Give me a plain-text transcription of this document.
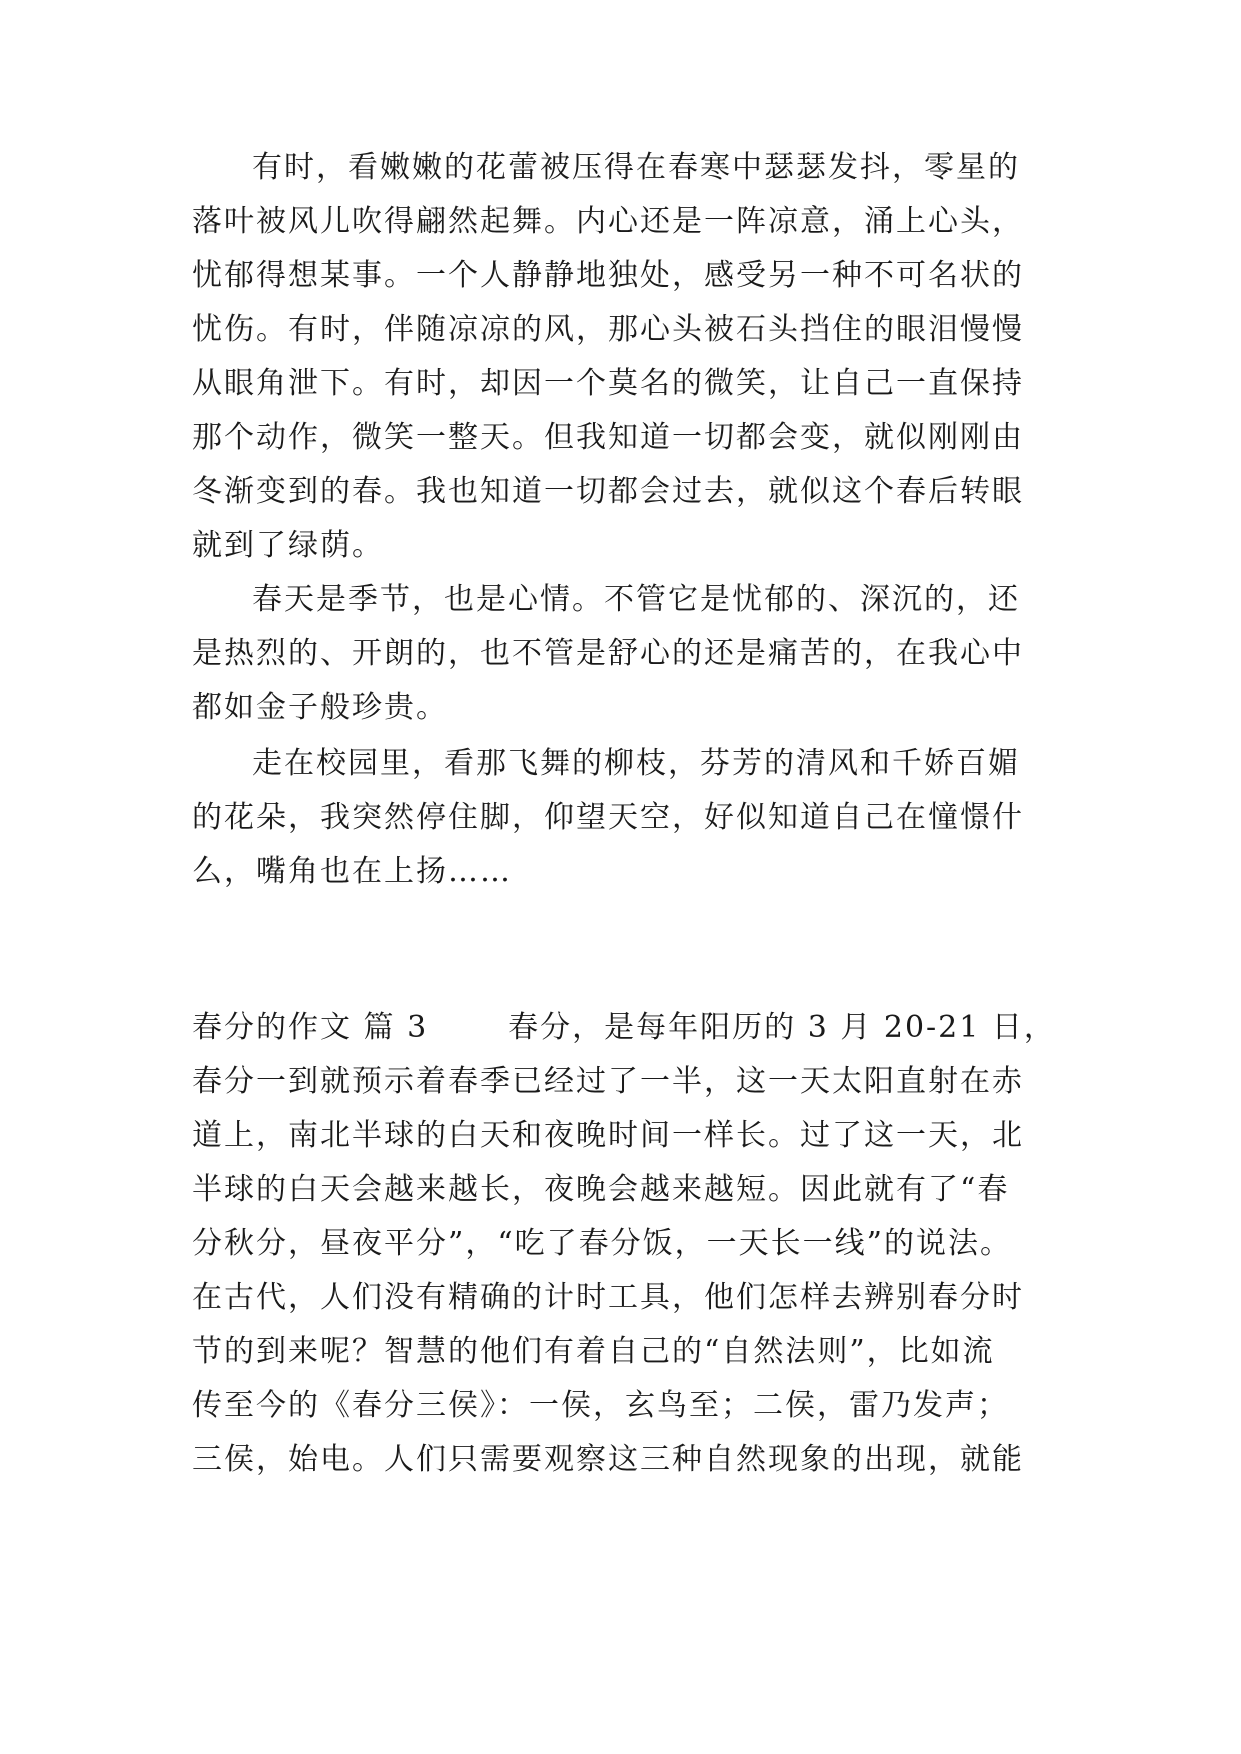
有时，看嫩嫩的花蕾被压得在春寒中瑟瑟发抖，零星的
落叶被风儿吹得翩然起舞。内心还是一阵凉意，涌上心头，
忧郁得想某事。一个人静静地独处，感受另一种不可名状的
忧伤。有时，伴随凉凉的风，那心头被石头挡住的眼泪慢慢
从眼角泄下。有时，却因一个莫名的微笑，让自己一直保持
那个动作，微笑一整天。但我知道一切都会变，就似刚刚由
冬渐变到的春。我也知道一切都会过去，就似这个春后转眼
就到了绿荫。
春天是季节，也是心情。不管它是忧郁的、深沉的，还
是热烈的、开朗的，也不管是舒心的还是痛苦的，在我心中
都如金子般珍贵。
走在校园里，看那飞舞的柳枝，芬芳的清风和千娇百媚
的花朵，我突然停住脚，仰望天空，好似知道自己在憧憬什
么，嘴角也在上扬……
春分的作文 篇 3	春分，是每年阳历的 3 月 20-21 日，
春分一到就预示着春季已经过了一半，这一天太阳直射在赤
道上，南北半球的白天和夜晚时间一样长。过了这一天，北
半球的白天会越来越长，夜晚会越来越短。因此就有了“春
分秋分，昼夜平分”，“吃了春分饭，一天长一线”的说法。
在古代，人们没有精确的计时工具，他们怎样去辨别春分时
节的到来呢？智慧的他们有着自己的“自然法则”，比如流
传至今的《春分三侯》：一侯，玄鸟至；二侯，雷乃发声；
三侯，始电。人们只需要观察这三种自然现象的出现，就能
